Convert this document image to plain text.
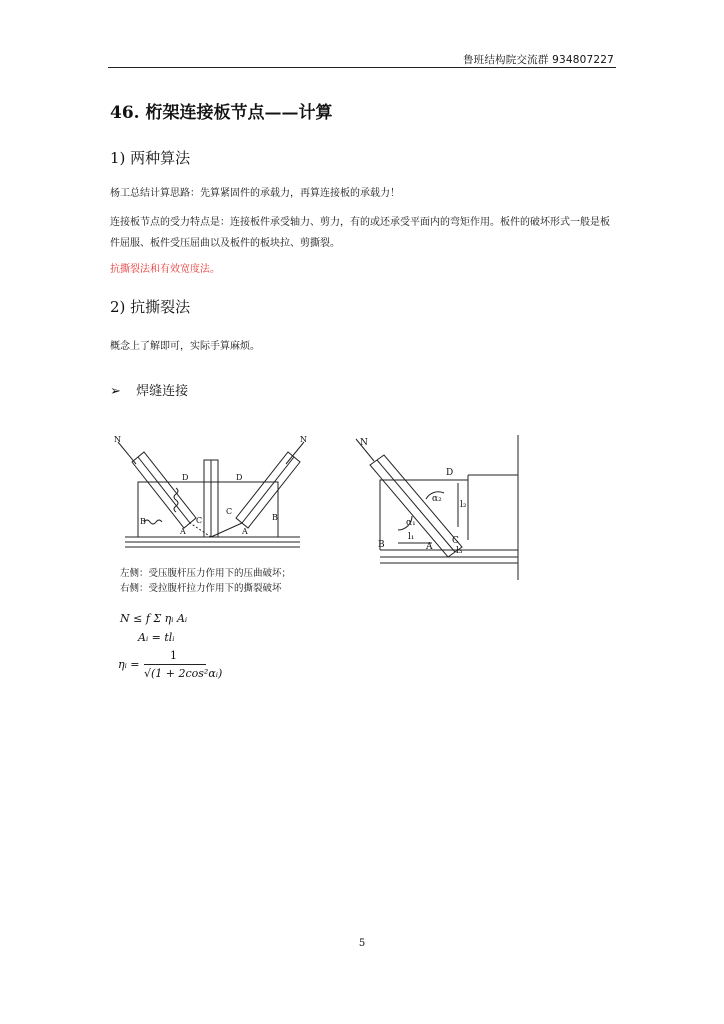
鲁班结构院交流群 934807227
46. 桁架连接板节点——计算
1) 两种算法
杨工总结计算思路：先算紧固件的承载力，再算连接板的承载力！
连接板节点的受力特点是：连接板件承受轴力、剪力，有的或还承受平面内的弯矩作用。板件的破坏形式一般是板件屈服、板件受压屈曲以及板件的板块拉、剪撕裂。
抗撕裂法和有效宽度法。
2) 抗撕裂法
概念上了解即可，实际手算麻烦。
➢ 焊缝连接
N	N
D	D
B	B
C
C
A	A
左侧：受压腹杆压力作用下的压曲破坏；
右侧：受拉腹杆拉力作用下的撕裂破坏
N
D
B	C
A
α₂
α₁
l₁
l₂
l₃
N ≤ f Σ ηᵢ Aᵢ
Aᵢ = tlᵢ
ηᵢ =
1
√(1 + 2cos²αᵢ)
5
